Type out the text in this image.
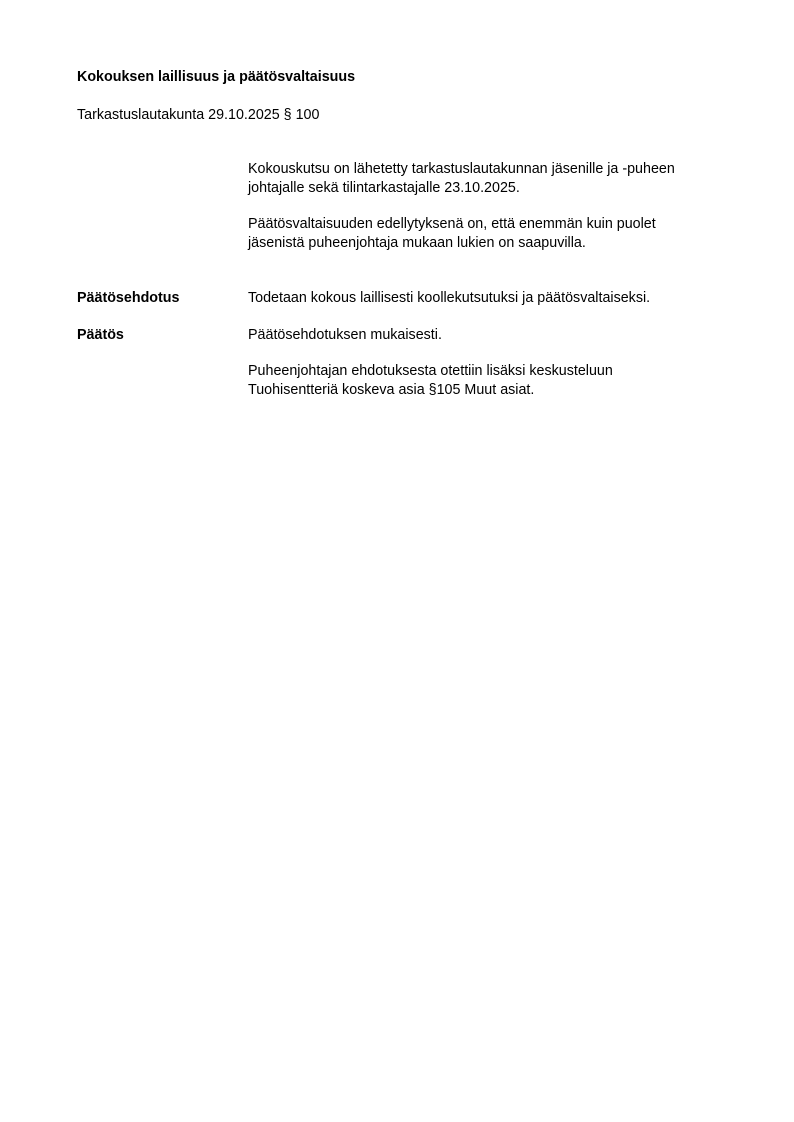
Kokouksen laillisuus ja päätösvaltaisuus
Tarkastuslautakunta 29.10.2025 § 100
Kokouskutsu on lähetetty tarkastuslautakunnan jäsenille ja -puheen
johtajalle sekä tilintarkastajalle 23.10.2025.
Päätösvaltaisuuden edellytyksenä on, että enemmän kuin puolet
jäsenistä puheenjohtaja mukaan lukien on saapuvilla.
Päätösehdotus	Todetaan kokous laillisesti koollekutsutuksi ja päätösvaltaiseksi.
Päätös	Päätösehdotuksen mukaisesti.
Puheenjohtajan ehdotuksesta otettiin lisäksi keskusteluun
Tuohisentteriä koskeva asia §105 Muut asiat.
